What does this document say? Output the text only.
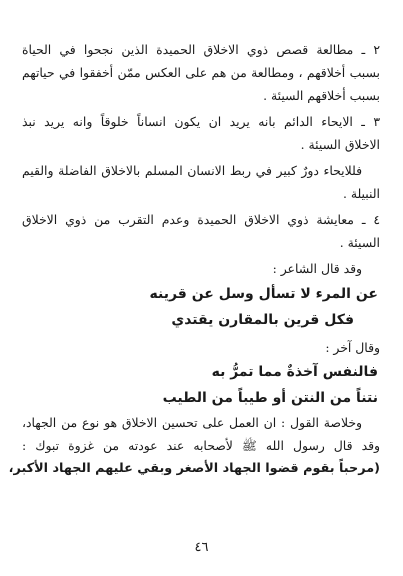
٢ ـ مطالعة قصص ذوي الاخلاق الحميدة الذين نجحوا في الحياة
بسبب أخلاقهم ، ومطالعة من هم على العكس ممّن أخفقوا في حياتهم
بسبب أخلاقهم السيئة .
٣ ـ الايحاء الدائم بانه يريد ان يكون انساناً خلوقاً وانه يريد نبذ
الاخلاق السيئة .
فللايحاء دورٌ كبير في ربط الانسان المسلم بالاخلاق الفاضلة والقيم
النبيلة .
٤ ـ معايشة ذوي الاخلاق الحميدة وعدم التقرب من ذوي الاخلاق
السيئة .
وقد قال الشاعر :
عن المرء لا تسأل وسل عن قرينه
فكل قرين بالمقارن يقتدي
وقال آخر :
فالنفس آخذةٌ مما تمرُّ به
نتناً من النتن أو طيباً من الطيب
وخلاصة القول : ان العمل على تحسين الاخلاق هو نوع من الجهاد،
وقد قال رسول الله ﷺ لأصحابه عند عودته من غزوة تبوك :
(مرحباً بقوم قضوا الجهاد الأصغر وبقي عليهم الجهاد الأكبر،
٤٦
